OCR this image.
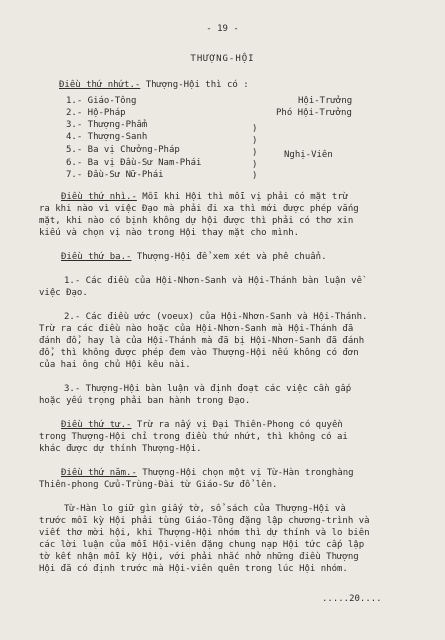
- 19 -
THƯỢNG-HỘI
Điều thứ nhứt.- Thượng-Hội thì có :
1.- Giáo-Tông
2.- Hộ-Pháp
3.- Thượng-Phẩm
4.- Thượng-Sanh
5.- Ba vị Chưởng-Pháp
6.- Ba vị Đầu-Sư Nam-Phái
7.- Đầu-Sư Nữ-Phái
Hội-Trưởng
Phó Hội-Trưởng
Nghị-Viên
)
)
)
)
)
Điều thứ nhì.- Mỗi khi Hội thì mỗi vị phải có mặt trừ
ra khi nào vì việc Đạo mà phải đi xa thì mới được phép vắng
mặt, khi nào có bịnh không dự hội được thì phải có thơ xin
kiếu và chọn vị nào trong Hội thay mặt cho mình.
Điều thứ ba.- Thượng-Hội để xem xét và phê chuẩn.
1.- Các điều của Hội-Nhơn-Sanh và Hội-Thánh bàn luận về
việc Đạo.
2.- Các điều ước (voeux) của Hội-Nhơn-Sanh và Hội-Thánh.
Trừ ra các điều nào hoặc của Hội-Nhơn-Sanh mà Hội-Thánh đã
đánh đổ, hay là của Hội-Thánh mà đã bị Hội-Nhơn-Sanh đã đánh
đổ, thì không được phép đem vào Thượng-Hội nếu không có đơn
của hai ông chủ Hội kêu nài.
3.- Thượng-Hội bàn luận và định đoạt các việc cần gấp
hoặc yếu trọng phải ban hành trong Đạo.
Điều thứ tư.- Trừ ra nấy vị Đại Thiên-Phong có quyền
trong Thượng-Hội chỉ trong điều thứ nhứt, thì không có ai
khác được dự thính Thượng-Hội.
Điều thứ năm.- Thượng-Hội chọn một vị Từ-Hàn tronghàng
Thiên-phong Cửu-Trùng-Đài từ Giáo-Sư đổ lên.
Từ-Hàn lo giữ gìn giấy tờ, sổ sách của Thượng-Hội và
trước mỗi kỳ Hội phải tùng Giáo-Tông đặng lập chương-trình và
viết thơ mời hội, khi Thượng-Hội nhóm thì dự thính và lo biên
các lời luận của mỗi Hội-viên đặng chung nạp Hội tức cấp lập
tờ kết nhận mỗi kỳ Hội, với phải nhắc nhở những điều Thượng
Hội đã có định trước mà Hội-viên quên trong lúc Hội nhóm.
.....20....
